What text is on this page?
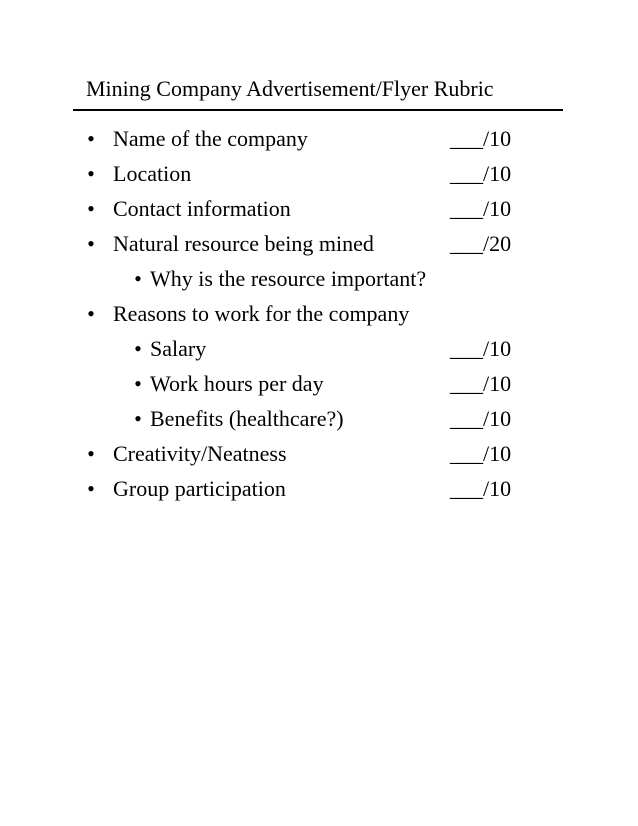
Mining Company Advertisement/Flyer Rubric
• Name of the company	___/10
• Location	___/10
• Contact information	___/10
• Natural resource being mined	___/20
• Why is the resource important?
• Reasons to work for the company
• Salary	___/10
• Work hours per day	___/10
• Benefits (healthcare?)	___/10
• Creativity/Neatness	___/10
• Group participation	___/10
